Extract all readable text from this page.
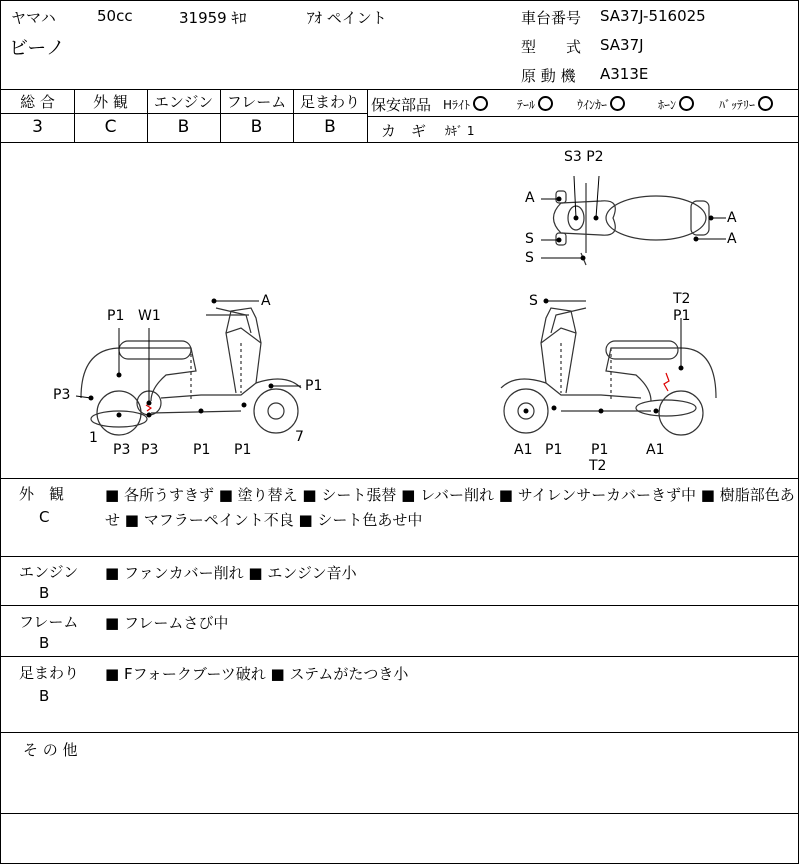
ヤマハ	50cc	31959 ｷﾛ	ｱｵ ペイント
ビーノ
車台番号 SA37J-516025
型　　式 SA37J
原 動 機 A313E
総 合	外 観	エンジン フレーム 足まわり
3	C	B	B	B
保安部品 Hﾗｲﾄ	ﾃｰﾙ	ｳｲﾝｶｰ	ﾎｰﾝ	ﾊﾞｯﾃﾘｰ
カ　ギ ｶｷﾞ 1
S3 P2
A
A
A
S
S
A
P1 W1
P3
P1
1
P3 P3 P1 P1
7
S	T2
P1
A1 P1 P1
T2
A1
外　観
C
■ 各所うすきず ■ 塗り替え ■ シート張替 ■ レバー削れ ■ サイレンサーカバーきず中 ■ 樹脂部色あ
せ ■ マフラーペイント不良 ■ シート色あせ中
エンジン
B
■ ファンカバー削れ ■ エンジン音小
フレーム
B
■ フレームさび中
足まわり
B
■ Fフォークブーツ破れ ■ ステムがたつき小
そ の 他
